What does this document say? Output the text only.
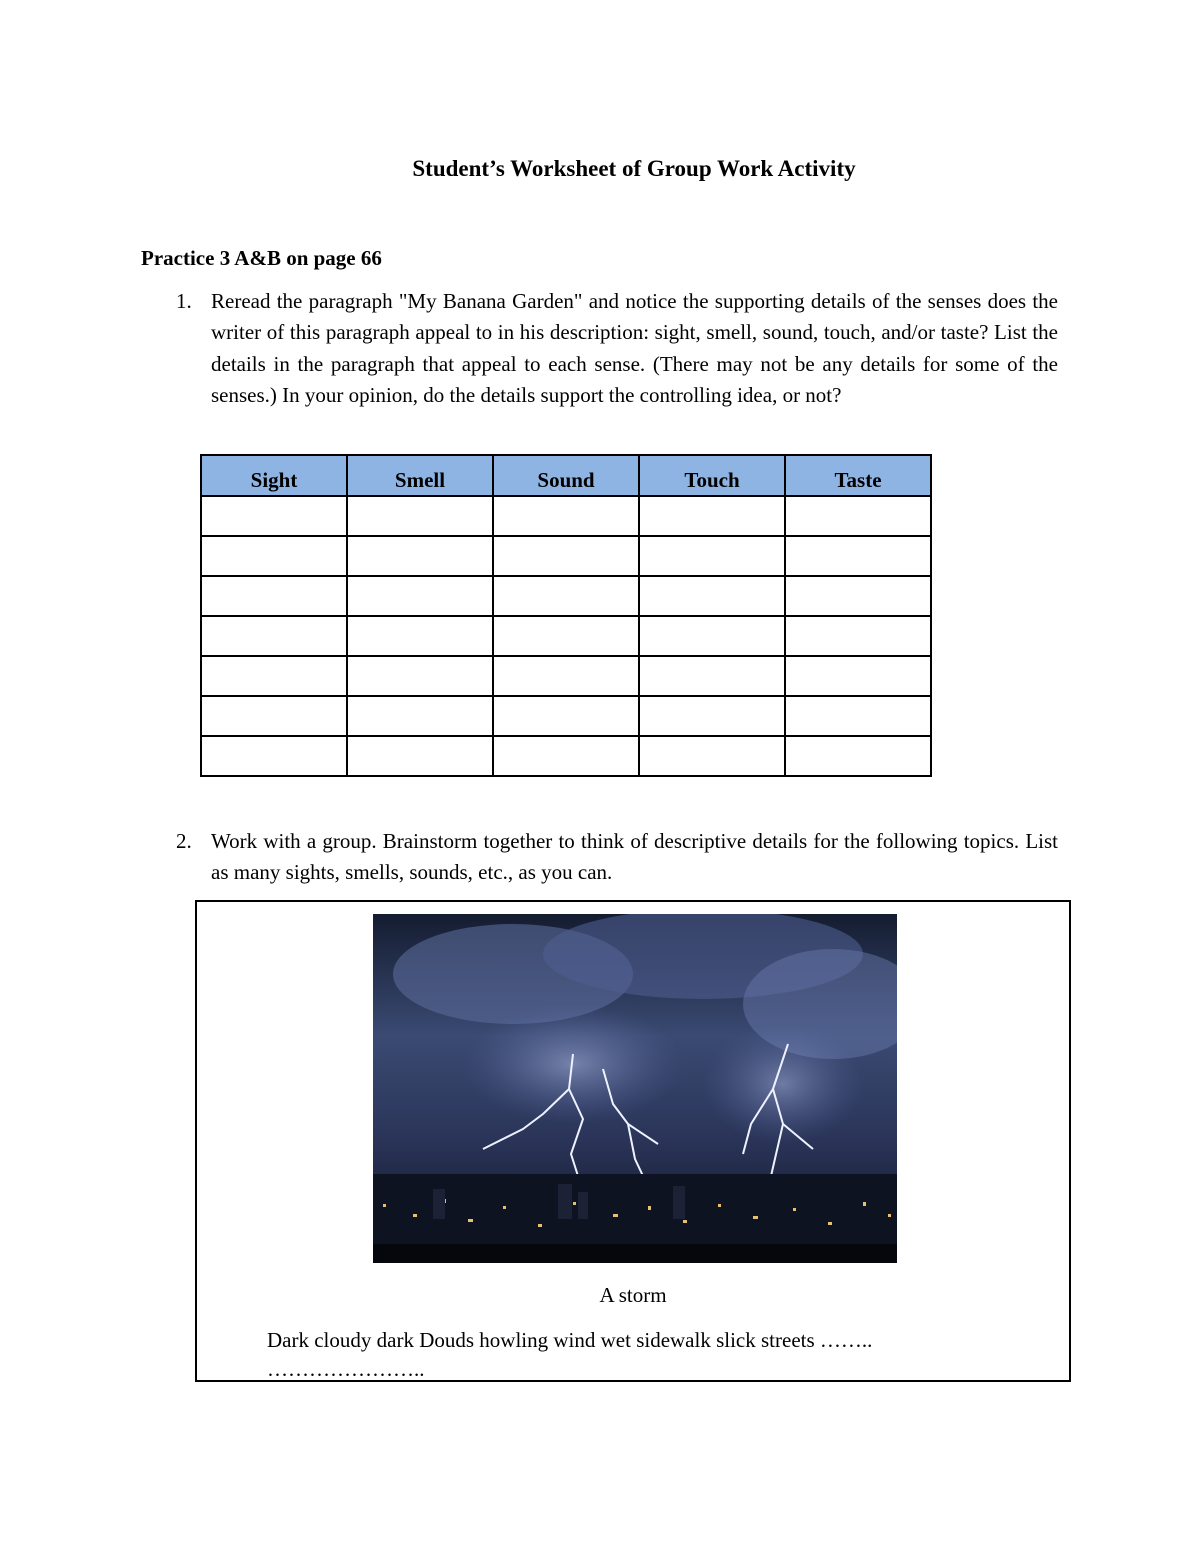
Student’s Worksheet of Group Work Activity
Practice 3 A&B on page 66
1. Reread the paragraph "My Banana Garden" and notice the supporting details of the senses does the writer of this paragraph appeal to in his description: sight, smell, sound, touch, and/or taste? List the details in the paragraph that appeal to each sense. (There may not be any details for some of the senses.) In your opinion, do the details support the controlling idea, or not?
Sight	Smell	Sound	Touch	Taste

2. Work with a group. Brainstorm together to think of descriptive details for the following topics. List as many sights, smells, sounds, etc., as you can.
A storm
Dark cloudy dark Douds howling wind wet sidewalk slick streets ……..
…………………..
